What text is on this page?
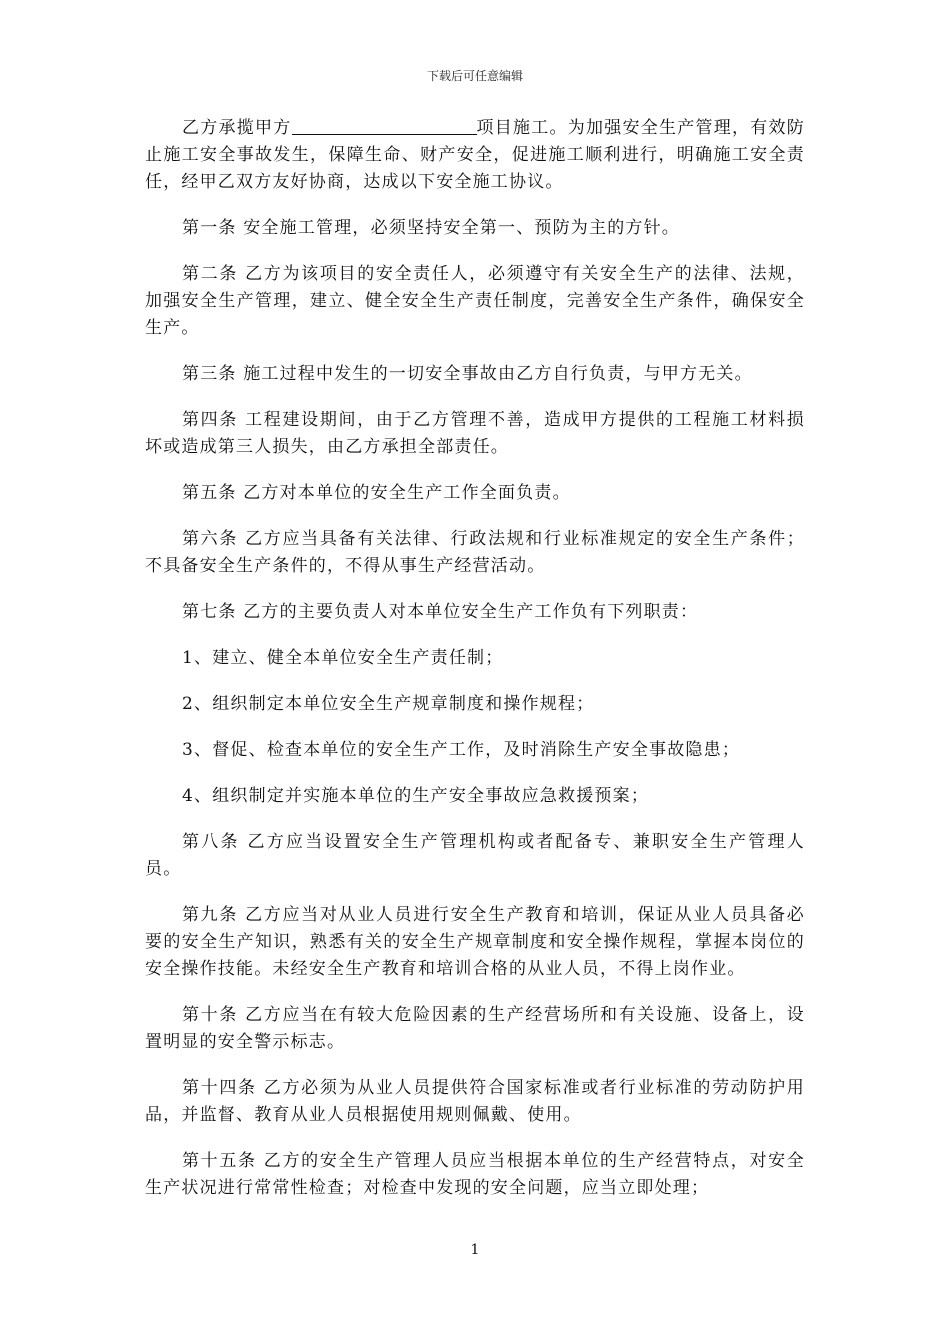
下载后可任意编辑

乙方承揽甲方	项目施工。为加强安全生产管理，有效防止施工安全事故发生，保障生命、财产安全，促进施工顺利进行，明确施工安全责任，经甲乙双方友好协商，达成以下安全施工协议。

第一条 安全施工管理，必须坚持安全第一、预防为主的方针。

第二条 乙方为该项目的安全责任人，必须遵守有关安全生产的法律、法规，加强安全生产管理，建立、健全安全生产责任制度，完善安全生产条件，确保安全生产。

第三条 施工过程中发生的一切安全事故由乙方自行负责，与甲方无关。

第四条 工程建设期间，由于乙方管理不善，造成甲方提供的工程施工材料损坏或造成第三人损失，由乙方承担全部责任。

第五条 乙方对本单位的安全生产工作全面负责。

第六条 乙方应当具备有关法律、行政法规和行业标准规定的安全生产条件；不具备安全生产条件的，不得从事生产经营活动。

第七条 乙方的主要负责人对本单位安全生产工作负有下列职责：

1、建立、健全本单位安全生产责任制；

2、组织制定本单位安全生产规章制度和操作规程；

3、督促、检查本单位的安全生产工作，及时消除生产安全事故隐患；

4、组织制定并实施本单位的生产安全事故应急救援预案；

第八条 乙方应当设置安全生产管理机构或者配备专、兼职安全生产管理人员。

第九条 乙方应当对从业人员进行安全生产教育和培训，保证从业人员具备必要的安全生产知识，熟悉有关的安全生产规章制度和安全操作规程，掌握本岗位的安全操作技能。未经安全生产教育和培训合格的从业人员，不得上岗作业。

第十条 乙方应当在有较大危险因素的生产经营场所和有关设施、设备上，设置明显的安全警示标志。

第十四条 乙方必须为从业人员提供符合国家标准或者行业标准的劳动防护用品，并监督、教育从业人员根据使用规则佩戴、使用。

第十五条 乙方的安全生产管理人员应当根据本单位的生产经营特点，对安全生产状况进行常常性检查；对检查中发现的安全问题，应当立即处理；

1
